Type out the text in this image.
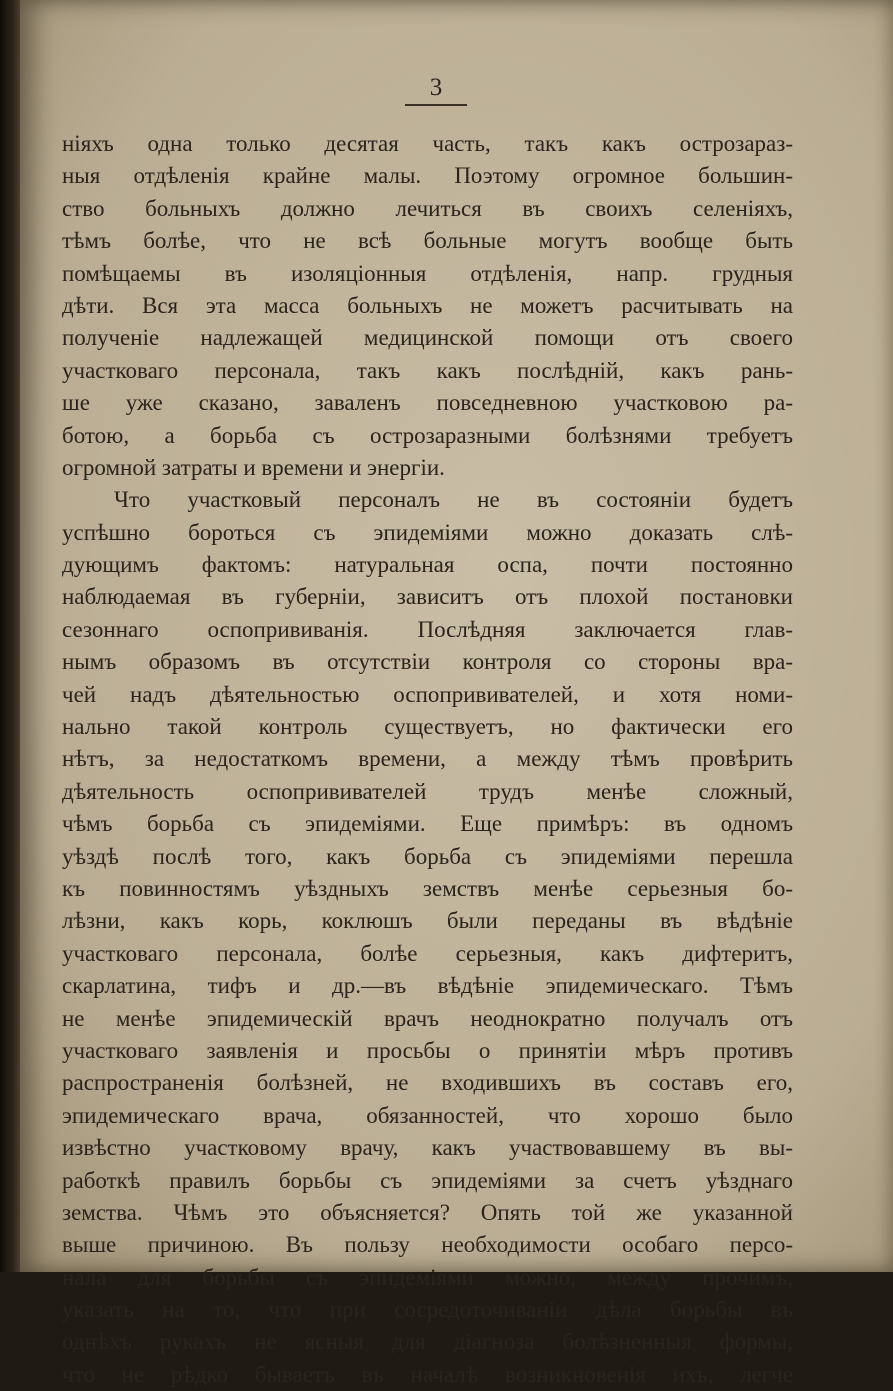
3
ніяхъ одна только десятая часть, такъ какъ острозараз-
ныя отдѣленія крайне малы. Поэтому огромное большин-
ство больныхъ должно лечиться въ своихъ селеніяхъ,
тѣмъ болѣе, что не всѣ больные могутъ вообще быть
помѣщаемы въ изоляціонныя отдѣленія, напр. грудныя
дѣти. Вся эта масса больныхъ не можетъ расчитывать на
полученіе надлежащей медицинской помощи отъ своего
участковаго персонала, такъ какъ послѣдній, какъ рань-
ше уже сказано, заваленъ повседневною участковою ра-
ботою, а борьба съ острозаразными болѣзнями требуетъ
огромной затраты и времени и энергіи.
Что участковый персоналъ не въ состояніи будетъ
успѣшно бороться съ эпидеміями можно доказать слѣ-
дующимъ фактомъ: натуральная оспа, почти постоянно
наблюдаемая въ губерніи, зависитъ отъ плохой постановки
сезоннаго оспопрививанія. Послѣдняя заключается глав-
нымъ образомъ въ отсутствіи контроля со стороны вра-
чей надъ дѣятельностью оспопрививателей, и хотя номи-
нально такой контроль существуетъ, но фактически его
нѣтъ, за недостаткомъ времени, а между тѣмъ провѣрить
дѣятельность оспопрививателей трудъ менѣе сложный,
чѣмъ борьба съ эпидеміями. Еще примѣръ: въ одномъ
уѣздѣ послѣ того, какъ борьба съ эпидеміями перешла
къ повинностямъ уѣздныхъ земствъ менѣе серьезныя бо-
лѣзни, какъ корь, коклюшъ были переданы въ вѣдѣніе
участковаго персонала, болѣе серьезныя, какъ дифтеритъ,
скарлатина, тифъ и др.—въ вѣдѣніе эпидемическаго. Тѣмъ
не менѣе эпидемическій врачъ неоднократно получалъ отъ
участковаго заявленія и просьбы о принятіи мѣръ противъ
распространенія болѣзней, не входившихъ въ составъ его,
эпидемическаго врача, обязанностей, что хорошо было
извѣстно участковому врачу, какъ участвовавшему въ вы-
работкѣ правилъ борьбы съ эпидеміями за счетъ уѣзднаго
земства. Чѣмъ это объясняется? Опять той же указанной
выше причиною. Въ пользу необходимости особаго персо-
нала для борьбы съ эпидеміями можно, между прочимъ,
указать на то, что при сосредоточиваніи дѣла борьбы въ
однѣхъ рукахъ не ясныя для діагноза болѣзненныя формы,
что не рѣдко бываетъ въ началѣ возникновенія ихъ, легче
